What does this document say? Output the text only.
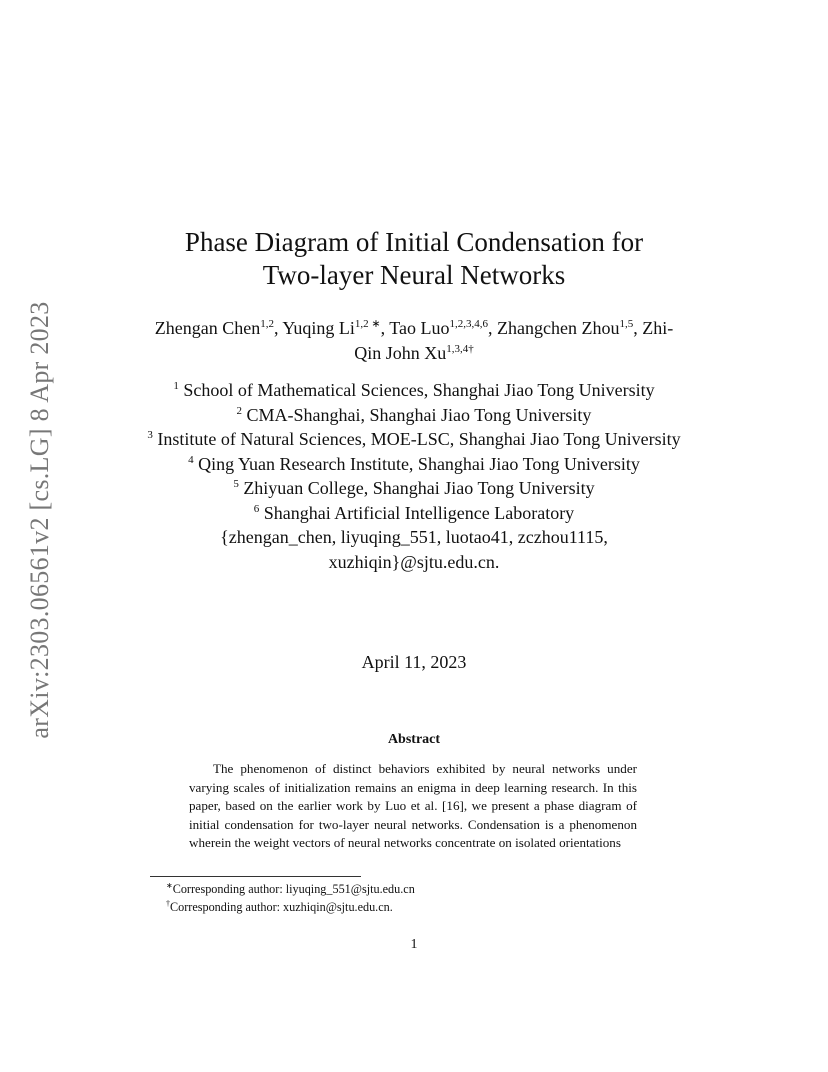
arXiv:2303.06561v2 [cs.LG] 8 Apr 2023
Phase Diagram of Initial Condensation for
Two-layer Neural Networks
Zhengan Chen$^{1,2}$, Yuqing $Li^{1,2 ∗}$, Tao Luo$^{1,2,3,4,6}$, Zhangchen Zhou$^{1,5}$, Zhi-Qin John $Xu^{1,3,4\dagger}$
$^1$ School of Mathematical Sciences, Shanghai Jiao Tong University
$^2$ CMA-Shanghai, Shanghai Jiao Tong University
$^3$ Institute of Natural Sciences, MOE-LSC, Shanghai Jiao Tong University
$^4$ Qing Yuan Research Institute, Shanghai Jiao Tong University
$^5$ Zhiyuan College, Shanghai Jiao Tong University
$^6$ Shanghai Artificial Intelligence Laboratory
{zhengan_chen, liyuqing_551, luotao41, zczhou1115,
xuzhiqin}@sjtu.edu.cn.
April 11, 2023
Abstract

The phenomenon of distinct behaviors exhibited by neural networks under varying scales of initialization remains an enigma in deep learning research. In this paper, based on the earlier work by Luo et al. [16], we present a phase diagram of initial condensation for two-layer neural networks. Condensation is a phenomenon wherein the weight vectors of neural networks concentrate on isolated orientations

∗Corresponding author: liyuqing_551@sjtu.edu.cn
†Corresponding author: xuzhiqin@sjtu.edu.cn.
1
